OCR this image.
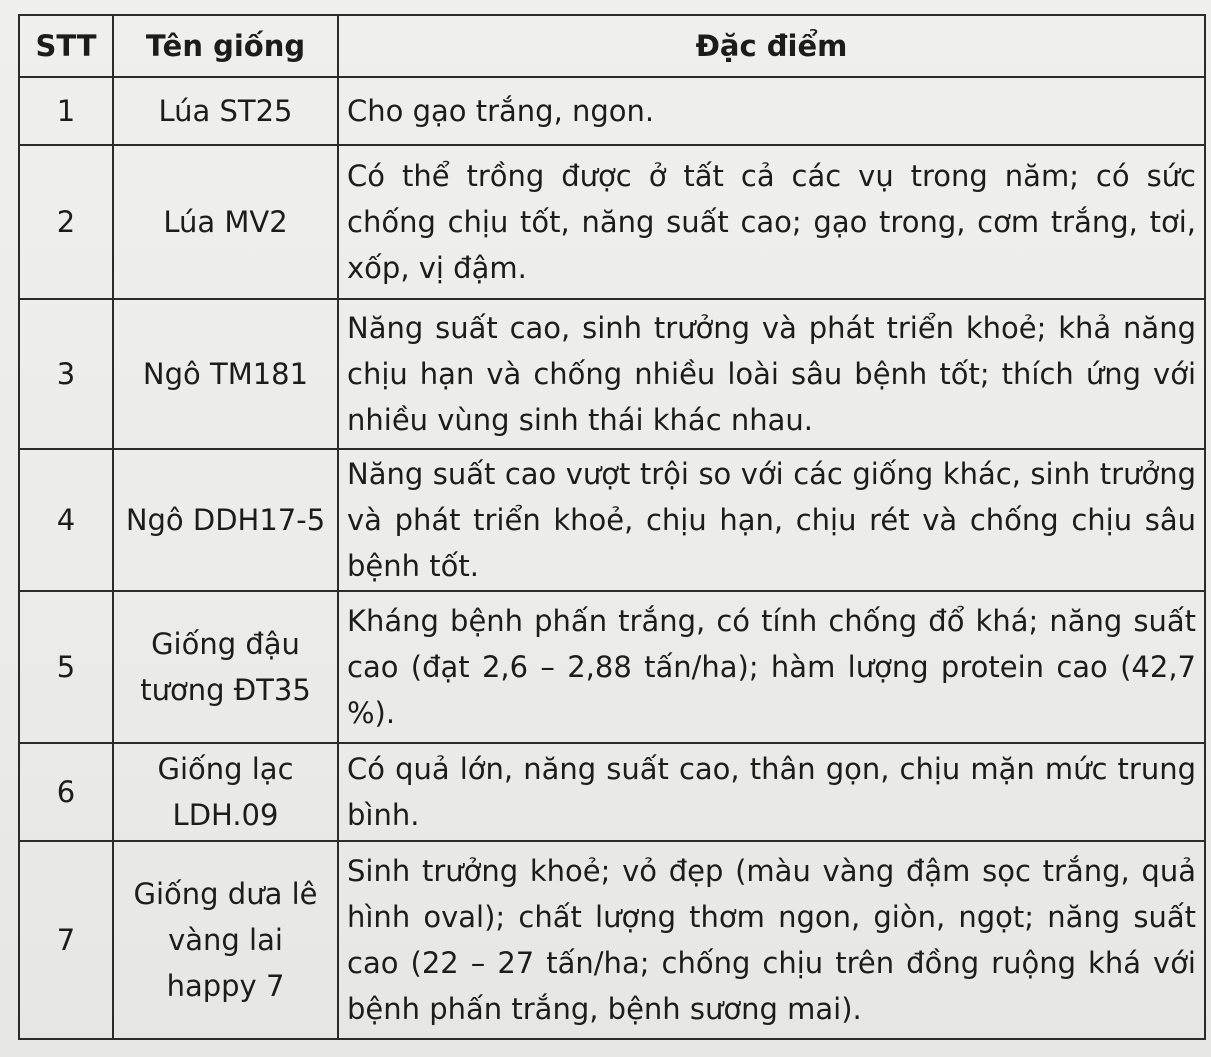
STT	Tên giống	Đặc điểm
1	Lúa ST25	Cho gạo trắng, ngon.
2	Lúa MV2	Có thể trồng được ở tất cả các vụ trong năm; có sức chống chịu tốt, năng suất cao; gạo trong, cơm trắng, tơi, xốp, vị đậm.
3	Ngô TM181	Năng suất cao, sinh trưởng và phát triển khoẻ; khả năng chịu hạn và chống nhiều loài sâu bệnh tốt; thích ứng với nhiều vùng sinh thái khác nhau.
4	Ngô DDH17-5	Năng suất cao vượt trội so với các giống khác, sinh trưởng và phát triển khoẻ, chịu hạn, chịu rét và chống chịu sâu bệnh tốt.
5	Giống đậu tương ĐT35	Kháng bệnh phấn trắng, có tính chống đổ khá; năng suất cao (đạt 2,6 – 2,88 tấn/ha); hàm lượng protein cao (42,7 %).
6	Giống lạc LDH.09	Có quả lớn, năng suất cao, thân gọn, chịu mặn mức trung bình.
7	Giống dưa lê vàng lai happy 7	Sinh trưởng khoẻ; vỏ đẹp (màu vàng đậm sọc trắng, quả hình oval); chất lượng thơm ngon, giòn, ngọt; năng suất cao (22 – 27 tấn/ha; chống chịu trên đồng ruộng khá với bệnh phấn trắng, bệnh sương mai).
